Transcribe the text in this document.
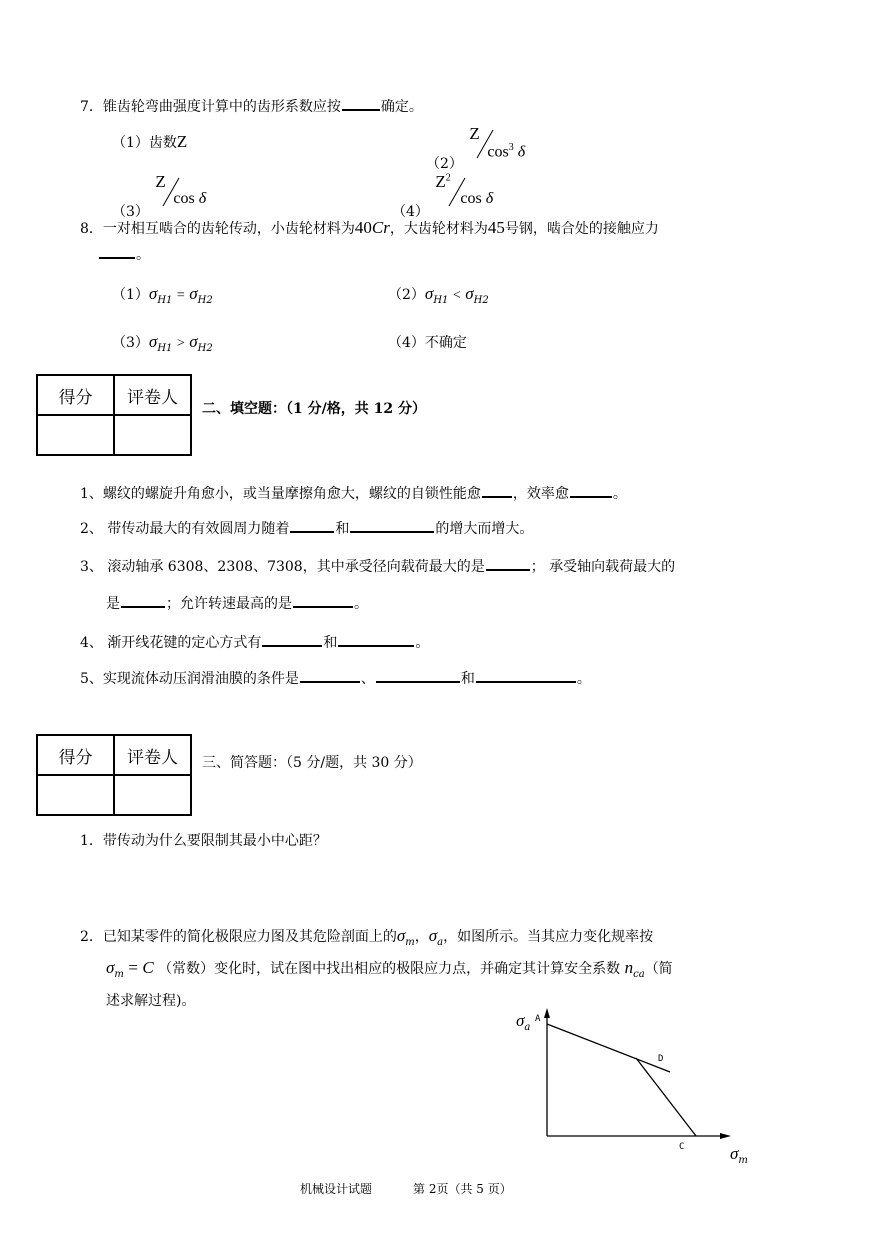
7．锥齿轮弯曲强度计算中的齿形系数应按	确定。
（1）齿数Z
（2）
Z
$\cos^3 \delta$
（3）
Z
cos δ
（4）
$Z^2$
cos δ
8．一对相互啮合的齿轮传动，小齿轮材料为40Cr，大齿轮材料为45号钢，啮合处的接触应力
。
$(1)\sigma_{H1} = \sigma_{H2}$	$(2)\sigma_{H1} < \sigma_{H2}$
$(3)\sigma_{H1} > \sigma_{H2}$	（4）不确定
得分	评卷人

二、填空题：（1 分/格，共 12 分）
1、螺纹的螺旋升角愈小，或当量摩擦角愈大，螺纹的自锁性能愈 ，效率愈	。
2、 带传动最大的有效圆周力随着	和	的增大而增大。
3、 滚动轴承 6308、2308、7308，其中承受径向载荷最大的是	； 承受轴向载荷最大的
是	；允许转速最高的是	。
4、 渐开线花键的定心方式有	和	。
5、实现流体动压润滑油膜的条件是	、	和	。
得分	评卷人
	三、简答题：（5 分/题，共 30 分）
1．带传动为什么要限制其最小中心距？
2．已知某零件的简化极限应力图及其危险剖面上的$\sigma_m$，$\sigma_a$，如图所示。当其应力变化规率按
$\sigma_m = C$ （常数）变化时，试在图中找出相应的极限应力点，并确定其计算安全系数 $n_{ca}$（简
述求解过程)。
$\sigma_a$
$\sigma_m$
A
D
C
机械设计试题	第 2页（共 5 页）
